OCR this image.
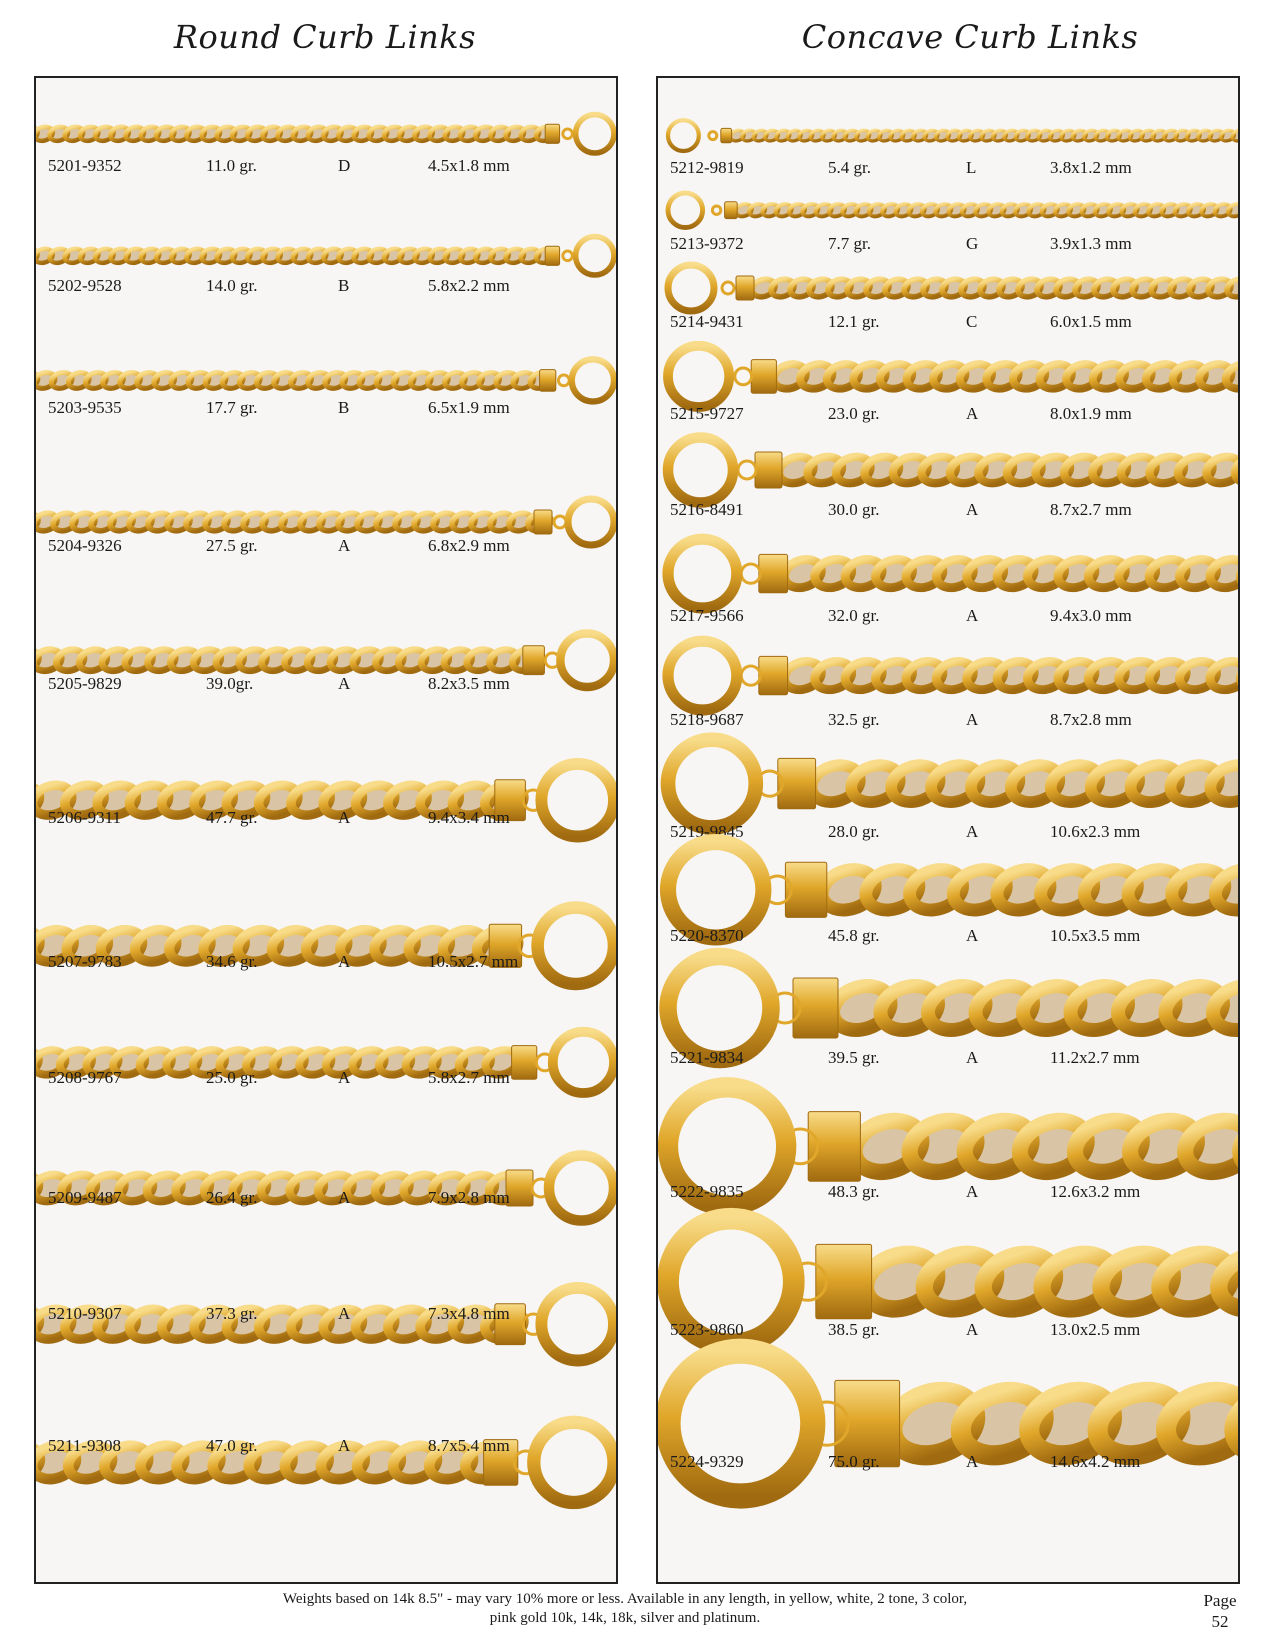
Round Curb Links	Concave Curb Links
5201-9352	11.0 gr.	D	4.5x1.8 mm
5202-9528	14.0 gr.	B	5.8x2.2 mm
5203-9535	17.7 gr.	B	6.5x1.9 mm
5204-9326	27.5 gr.	A	6.8x2.9 mm
5205-9829	39.0gr.	A	8.2x3.5 mm
5206-9311	47.7 gr.	A	9.4x3.4 mm
5207-9783	34.6 gr.	A	10.5x2.7 mm
5208-9767	25.0 gr.	A	5.8x2.7 mm
5209-9487	26.4 gr.	A	7.9x2.8 mm
5210-9307	37.3 gr.	A	7.3x4.8 mm
5211-9308	47.0 gr.	A	8.7x5.4 mm
5212-9819	5.4 gr.	L	3.8x1.2 mm
5213-9372	7.7 gr.	G	3.9x1.3 mm
5214-9431	12.1 gr.	C	6.0x1.5 mm
5215-9727	23.0 gr.	A	8.0x1.9 mm
5216-8491	30.0 gr.	A	8.7x2.7 mm
5217-9566	32.0 gr.	A	9.4x3.0 mm
5218-9687	32.5 gr.	A	8.7x2.8 mm
5219-9845	28.0 gr.	A	10.6x2.3 mm
5220-8370	45.8 gr.	A	10.5x3.5 mm
5221-9834	39.5 gr.	A	11.2x2.7 mm
5222-9835	48.3 gr.	A	12.6x3.2 mm
5223-9860	38.5 gr.	A	13.0x2.5 mm
5224-9329	75.0 gr.	A	14.6x4.2 mm
Weights based on 14k 8.5" - may vary 10% more or less. Available in any length, in yellow, white, 2 tone, 3 color,
pink gold 10k, 14k, 18k, silver and platinum.
Page
52
